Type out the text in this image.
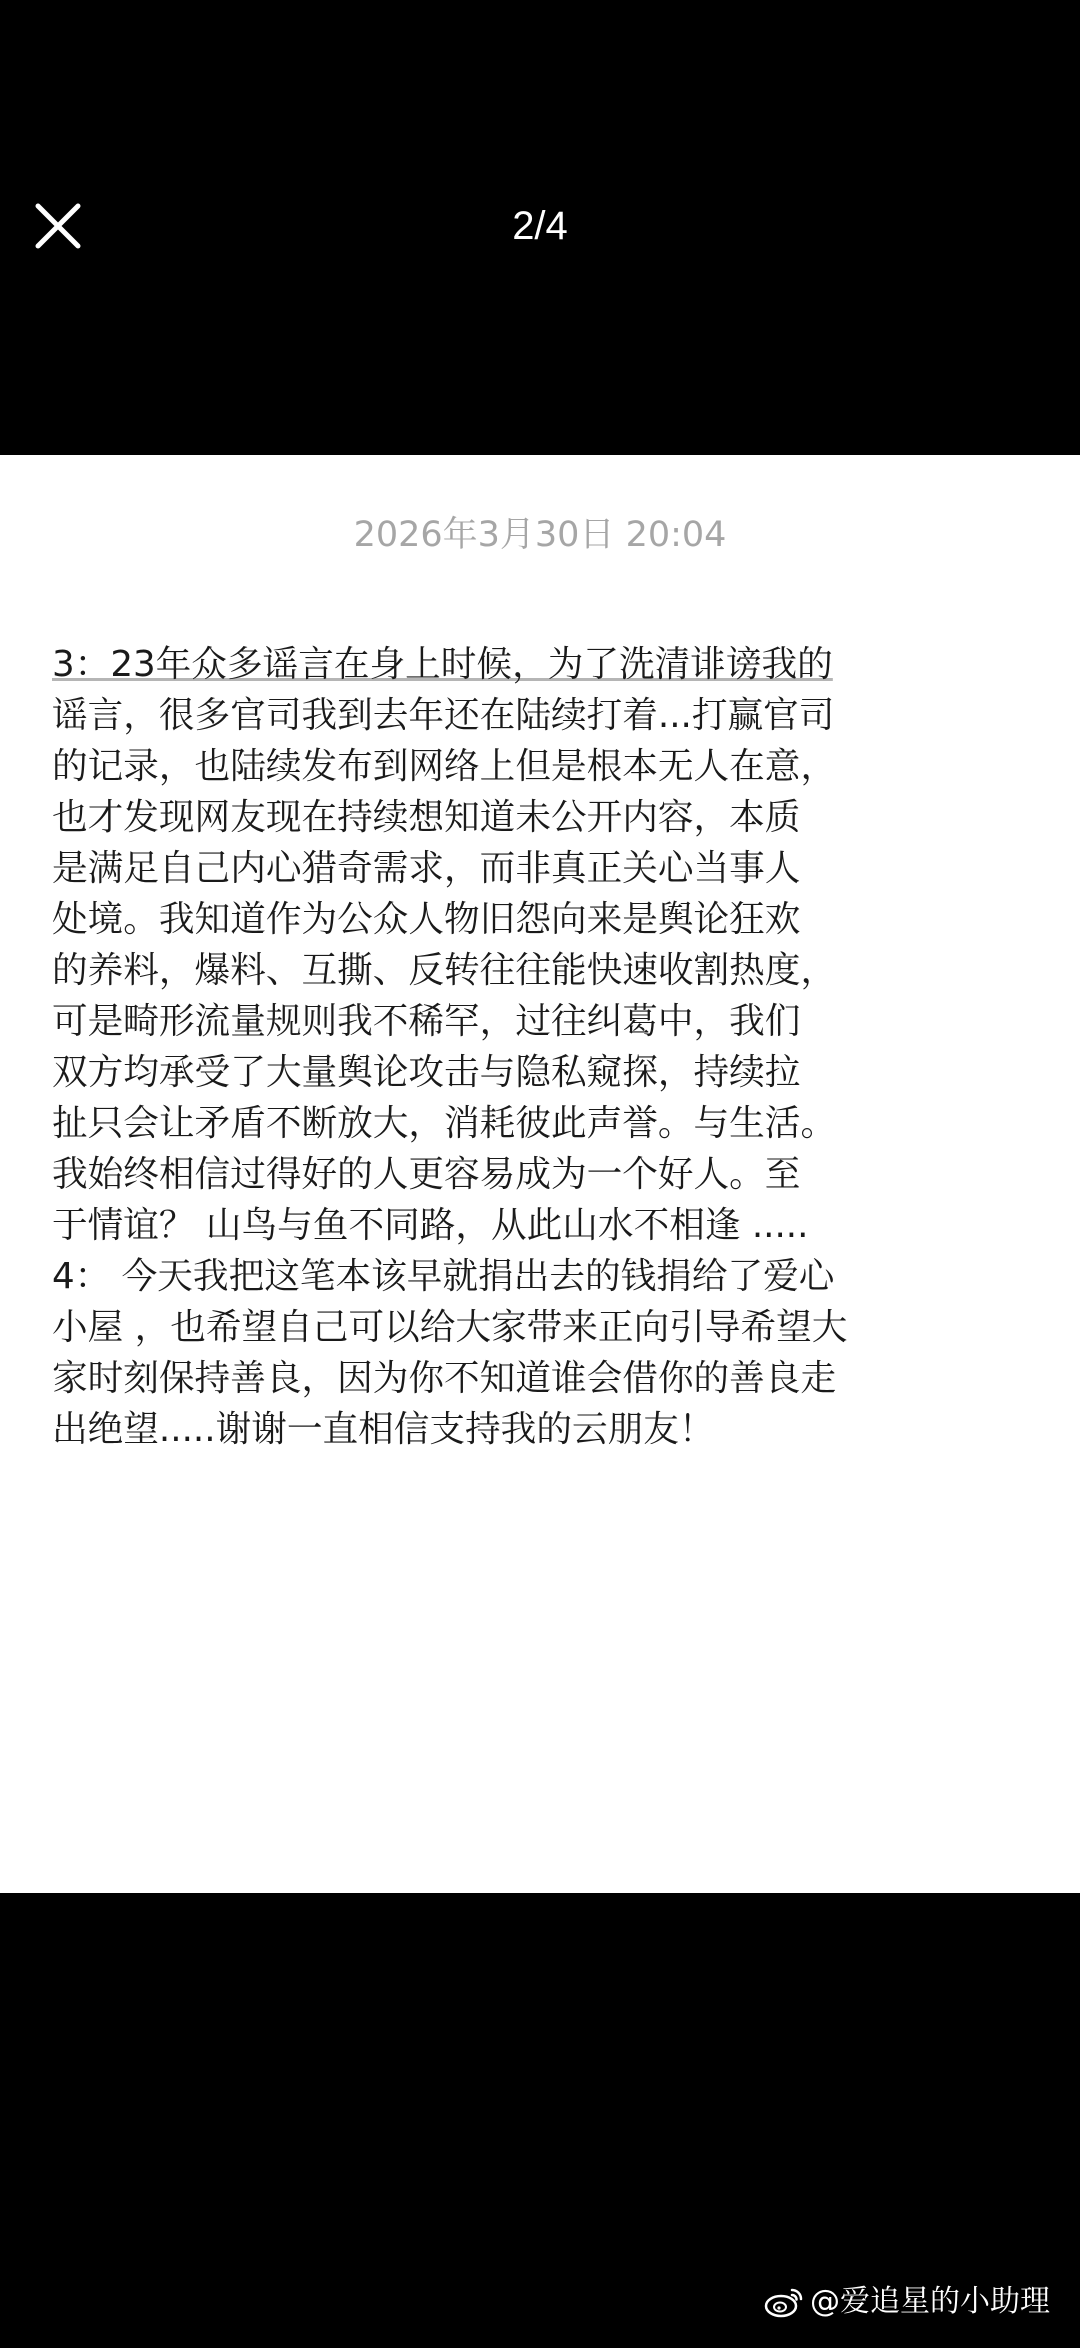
2/4
2026年3月30日 20:04
3：23年众多谣言在身上时候，为了洗清诽谤我的
谣言，很多官司我到去年还在陆续打着...打赢官司
的记录，也陆续发布到网络上但是根本无人在意，
也才发现网友现在持续想知道未公开内容，本质
是满足自己内心猎奇需求，而非真正关心当事人
处境。我知道作为公众人物旧怨向来是舆论狂欢
的养料，爆料、互撕、反转往往能快速收割热度，
可是畸形流量规则我不稀罕，过往纠葛中，我们
双方均承受了大量舆论攻击与隐私窥探，持续拉
扯只会让矛盾不断放大，消耗彼此声誉。与生活。
我始终相信过得好的人更容易成为一个好人。至
于情谊？ 山鸟与鱼不同路，从此山水不相逢 .....
4： 今天我把这笔本该早就捐出去的钱捐给了爱心
小屋 ，也希望自己可以给大家带来正向引导希望大
家时刻保持善良，因为你不知道谁会借你的善良走
出绝望.....谢谢一直相信支持我的云朋友！
@爱追星的小助理
